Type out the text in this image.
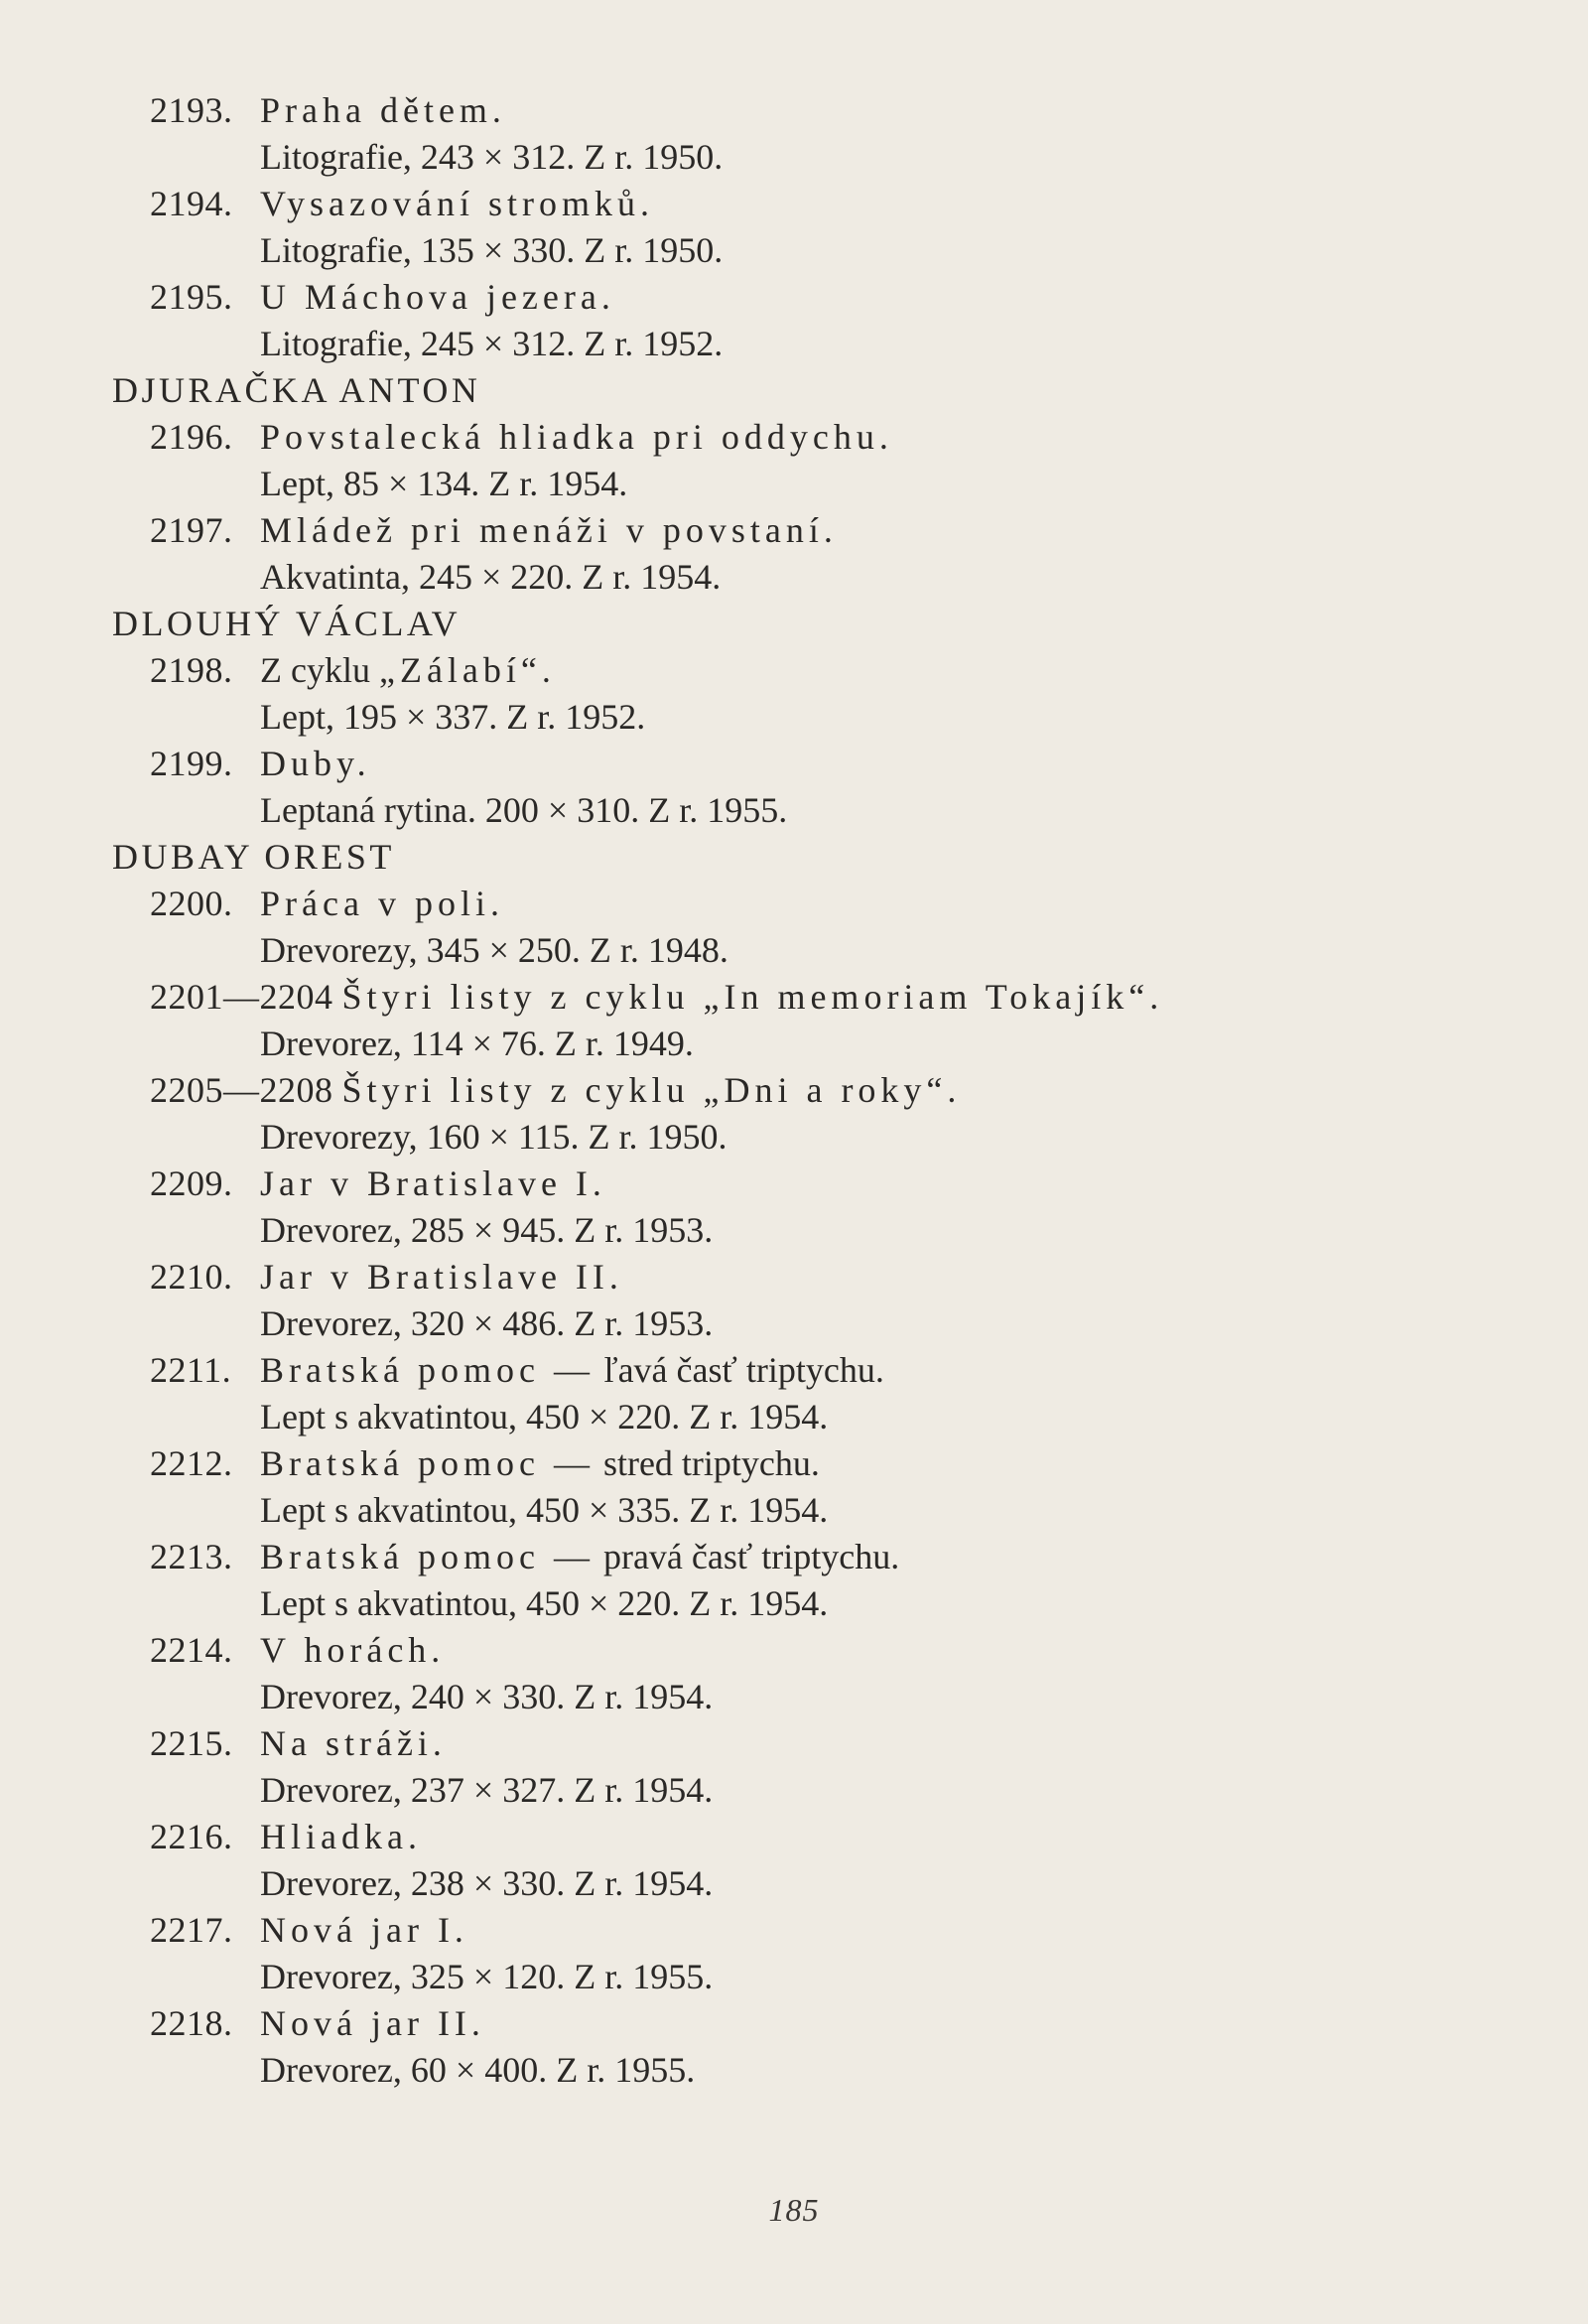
2193. Praha dětem.
Litografie, 243 × 312. Z r. 1950.
2194. Vysazování stromků.
Litografie, 135 × 330. Z r. 1950.
2195. U Máchova jezera.
Litografie, 245 × 312. Z r. 1952.
DJURAČKA ANTON
2196. Povstalecká hliadka pri oddychu.
Lept, 85 × 134. Z r. 1954.
2197. Mládež pri menáži v povstaní.
Akvatinta, 245 × 220. Z r. 1954.
DLOUHÝ VÁCLAV
2198. Z cyklu „Zálabí“.
Lept, 195 × 337. Z r. 1952.
2199. Duby.
Leptaná rytina. 200 × 310. Z r. 1955.
DUBAY OREST
2200. Práca v poli.
Drevorezy, 345 × 250. Z r. 1948.
2201—2204 Štyri listy z cyklu „In memoriam Tokajík“.
Drevorez, 114 × 76. Z r. 1949.
2205—2208 Štyri listy z cyklu „Dni a roky“.
Drevorezy, 160 × 115. Z r. 1950.
2209. Jar v Bratislave I.
Drevorez, 285 × 945. Z r. 1953.
2210. Jar v Bratislave II.
Drevorez, 320 × 486. Z r. 1953.
2211. Bratská pomoc — ľavá časť triptychu.
Lept s akvatintou, 450 × 220. Z r. 1954.
2212. Bratská pomoc — stred triptychu.
Lept s akvatintou, 450 × 335. Z r. 1954.
2213. Bratská pomoc — pravá časť triptychu.
Lept s akvatintou, 450 × 220. Z r. 1954.
2214. V horách.
Drevorez, 240 × 330. Z r. 1954.
2215. Na stráži.
Drevorez, 237 × 327. Z r. 1954.
2216. Hliadka.
Drevorez, 238 × 330. Z r. 1954.
2217. Nová jar I.
Drevorez, 325 × 120. Z r. 1955.
2218. Nová jar II.
Drevorez, 60 × 400. Z r. 1955.
185
